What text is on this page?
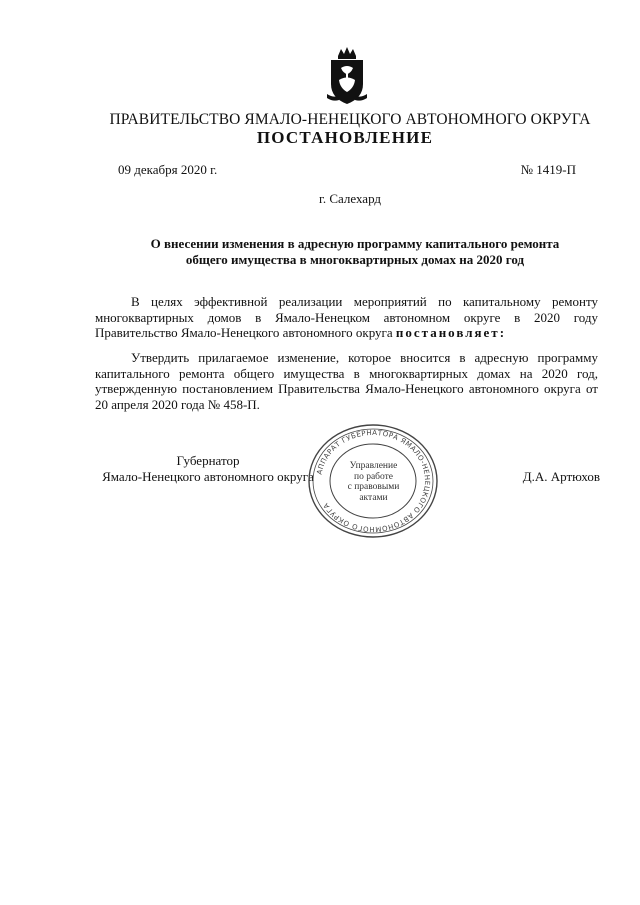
ПРАВИТЕЛЬСТВО ЯМАЛО-НЕНЕЦКОГО АВТОНОМНОГО ОКРУГА
ПОСТАНОВЛЕНИЕ
09 декабря 2020 г.	№ 1419-П
г. Салехард
О внесении изменения в адресную программу капитального ремонта
общего имущества в многоквартирных домах на 2020 год
В целях эффективной реализации мероприятий по капитальному ремонту многоквартирных домов в Ямало-Ненецком автономном округе в 2020 году Правительство Ямало-Ненецкого автономного округа постановляет:
Утвердить прилагаемое изменение, которое вносится в адресную программу капитального ремонта общего имущества в многоквартирных домах на 2020 год, утвержденную постановлением Правительства Ямало-Ненецкого автономного округа от 20 апреля 2020 года № 458-П.
Губернатор
Ямало-Ненецкого автономного округа АППАРАТ ГУБЕРНАТОРА ЯМАЛО-НЕНЕЦКОГО АВТОНОМНОГО ОКРУГА
Управление
по работе
с правовыми
актами
Д.А. Артюхов
